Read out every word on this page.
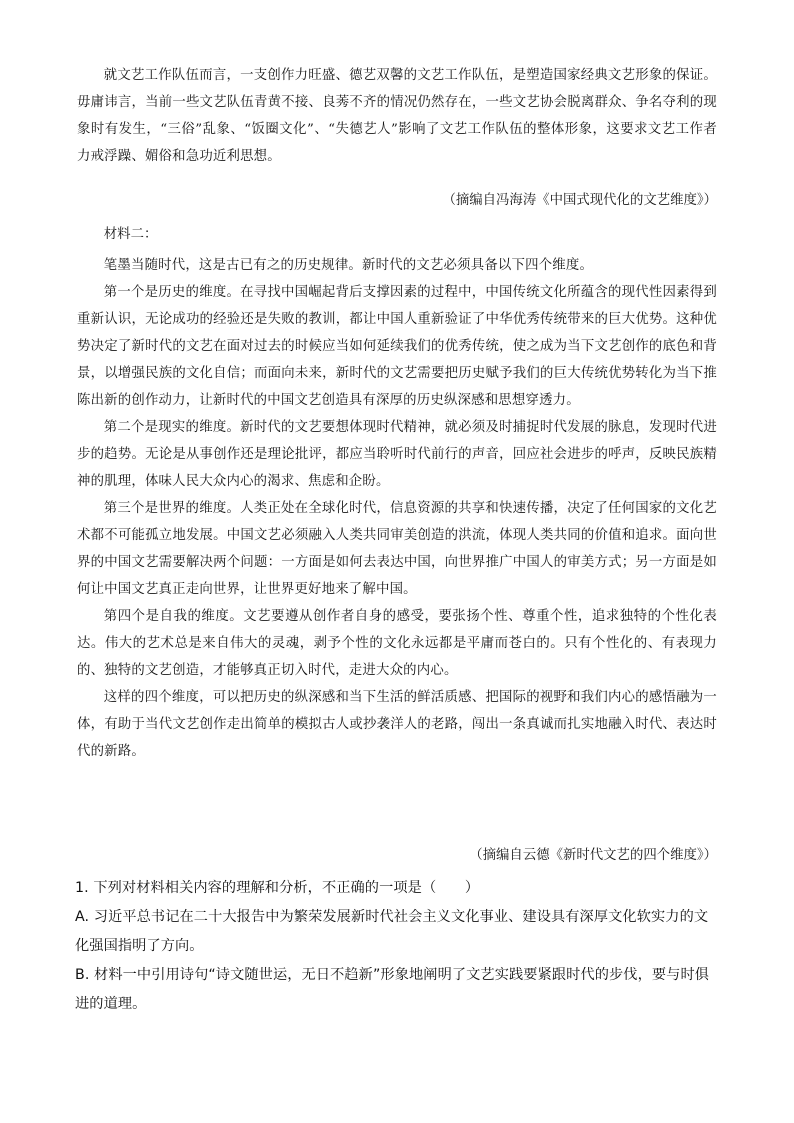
就文艺工作队伍而言，一支创作力旺盛、德艺双馨的文艺工作队伍，是塑造国家经典文艺形象的保证。毋庸讳言，当前一些文艺队伍青黄不接、良莠不齐的情况仍然存在，一些文艺协会脱离群众、争名夺利的现象时有发生，“三俗”乱象、“饭圈文化”、“失德艺人”影响了文艺工作队伍的整体形象，这要求文艺工作者力戒浮躁、媚俗和急功近利思想。

（摘编自冯海涛《中国式现代化的文艺维度》）

材料二：

笔墨当随时代，这是古已有之的历史规律。新时代的文艺必须具备以下四个维度。

第一个是历史的维度。在寻找中国崛起背后支撑因素的过程中，中国传统文化所蕴含的现代性因素得到重新认识，无论成功的经验还是失败的教训，都让中国人重新验证了中华优秀传统带来的巨大优势。这种优势决定了新时代的文艺在面对过去的时候应当如何延续我们的优秀传统，使之成为当下文艺创作的底色和背景，以增强民族的文化自信；而面向未来，新时代的文艺需要把历史赋予我们的巨大传统优势转化为当下推陈出新的创作动力，让新时代的中国文艺创造具有深厚的历史纵深感和思想穿透力。

第二个是现实的维度。新时代的文艺要想体现时代精神，就必须及时捕捉时代发展的脉息，发现时代进步的趋势。无论是从事创作还是理论批评，都应当聆听时代前行的声音，回应社会进步的呼声，反映民族精神的肌理，体味人民大众内心的渴求、焦虑和企盼。

第三个是世界的维度。人类正处在全球化时代，信息资源的共享和快速传播，决定了任何国家的文化艺术都不可能孤立地发展。中国文艺必须融入人类共同审美创造的洪流，体现人类共同的价值和追求。面向世界的中国文艺需要解决两个问题：一方面是如何去表达中国，向世界推广中国人的审美方式；另一方面是如何让中国文艺真正走向世界，让世界更好地来了解中国。

第四个是自我的维度。文艺要遵从创作者自身的感受，要张扬个性、尊重个性，追求独特的个性化表达。伟大的艺术总是来自伟大的灵魂，剥予个性的文化永远都是平庸而苍白的。只有个性化的、有表现力的、独特的文艺创造，才能够真正切入时代，走进大众的内心。

这样的四个维度，可以把历史的纵深感和当下生活的鲜活质感、把国际的视野和我们内心的感悟融为一体，有助于当代文艺创作走出简单的模拟古人或抄袭洋人的老路，闯出一条真诚而扎实地融入时代、表达时代的新路。

（摘编自云德《新时代文艺的四个维度》）

1. 下列对材料相关内容的理解和分析，不正确的一项是（　　）

A. 习近平总书记在二十大报告中为繁荣发展新时代社会主义文化事业、建设具有深厚文化软实力的文化强国指明了方向。

B. 材料一中引用诗句“诗文随世运，无日不趋新”形象地阐明了文艺实践要紧跟时代的步伐，要与时俱进的道理。
